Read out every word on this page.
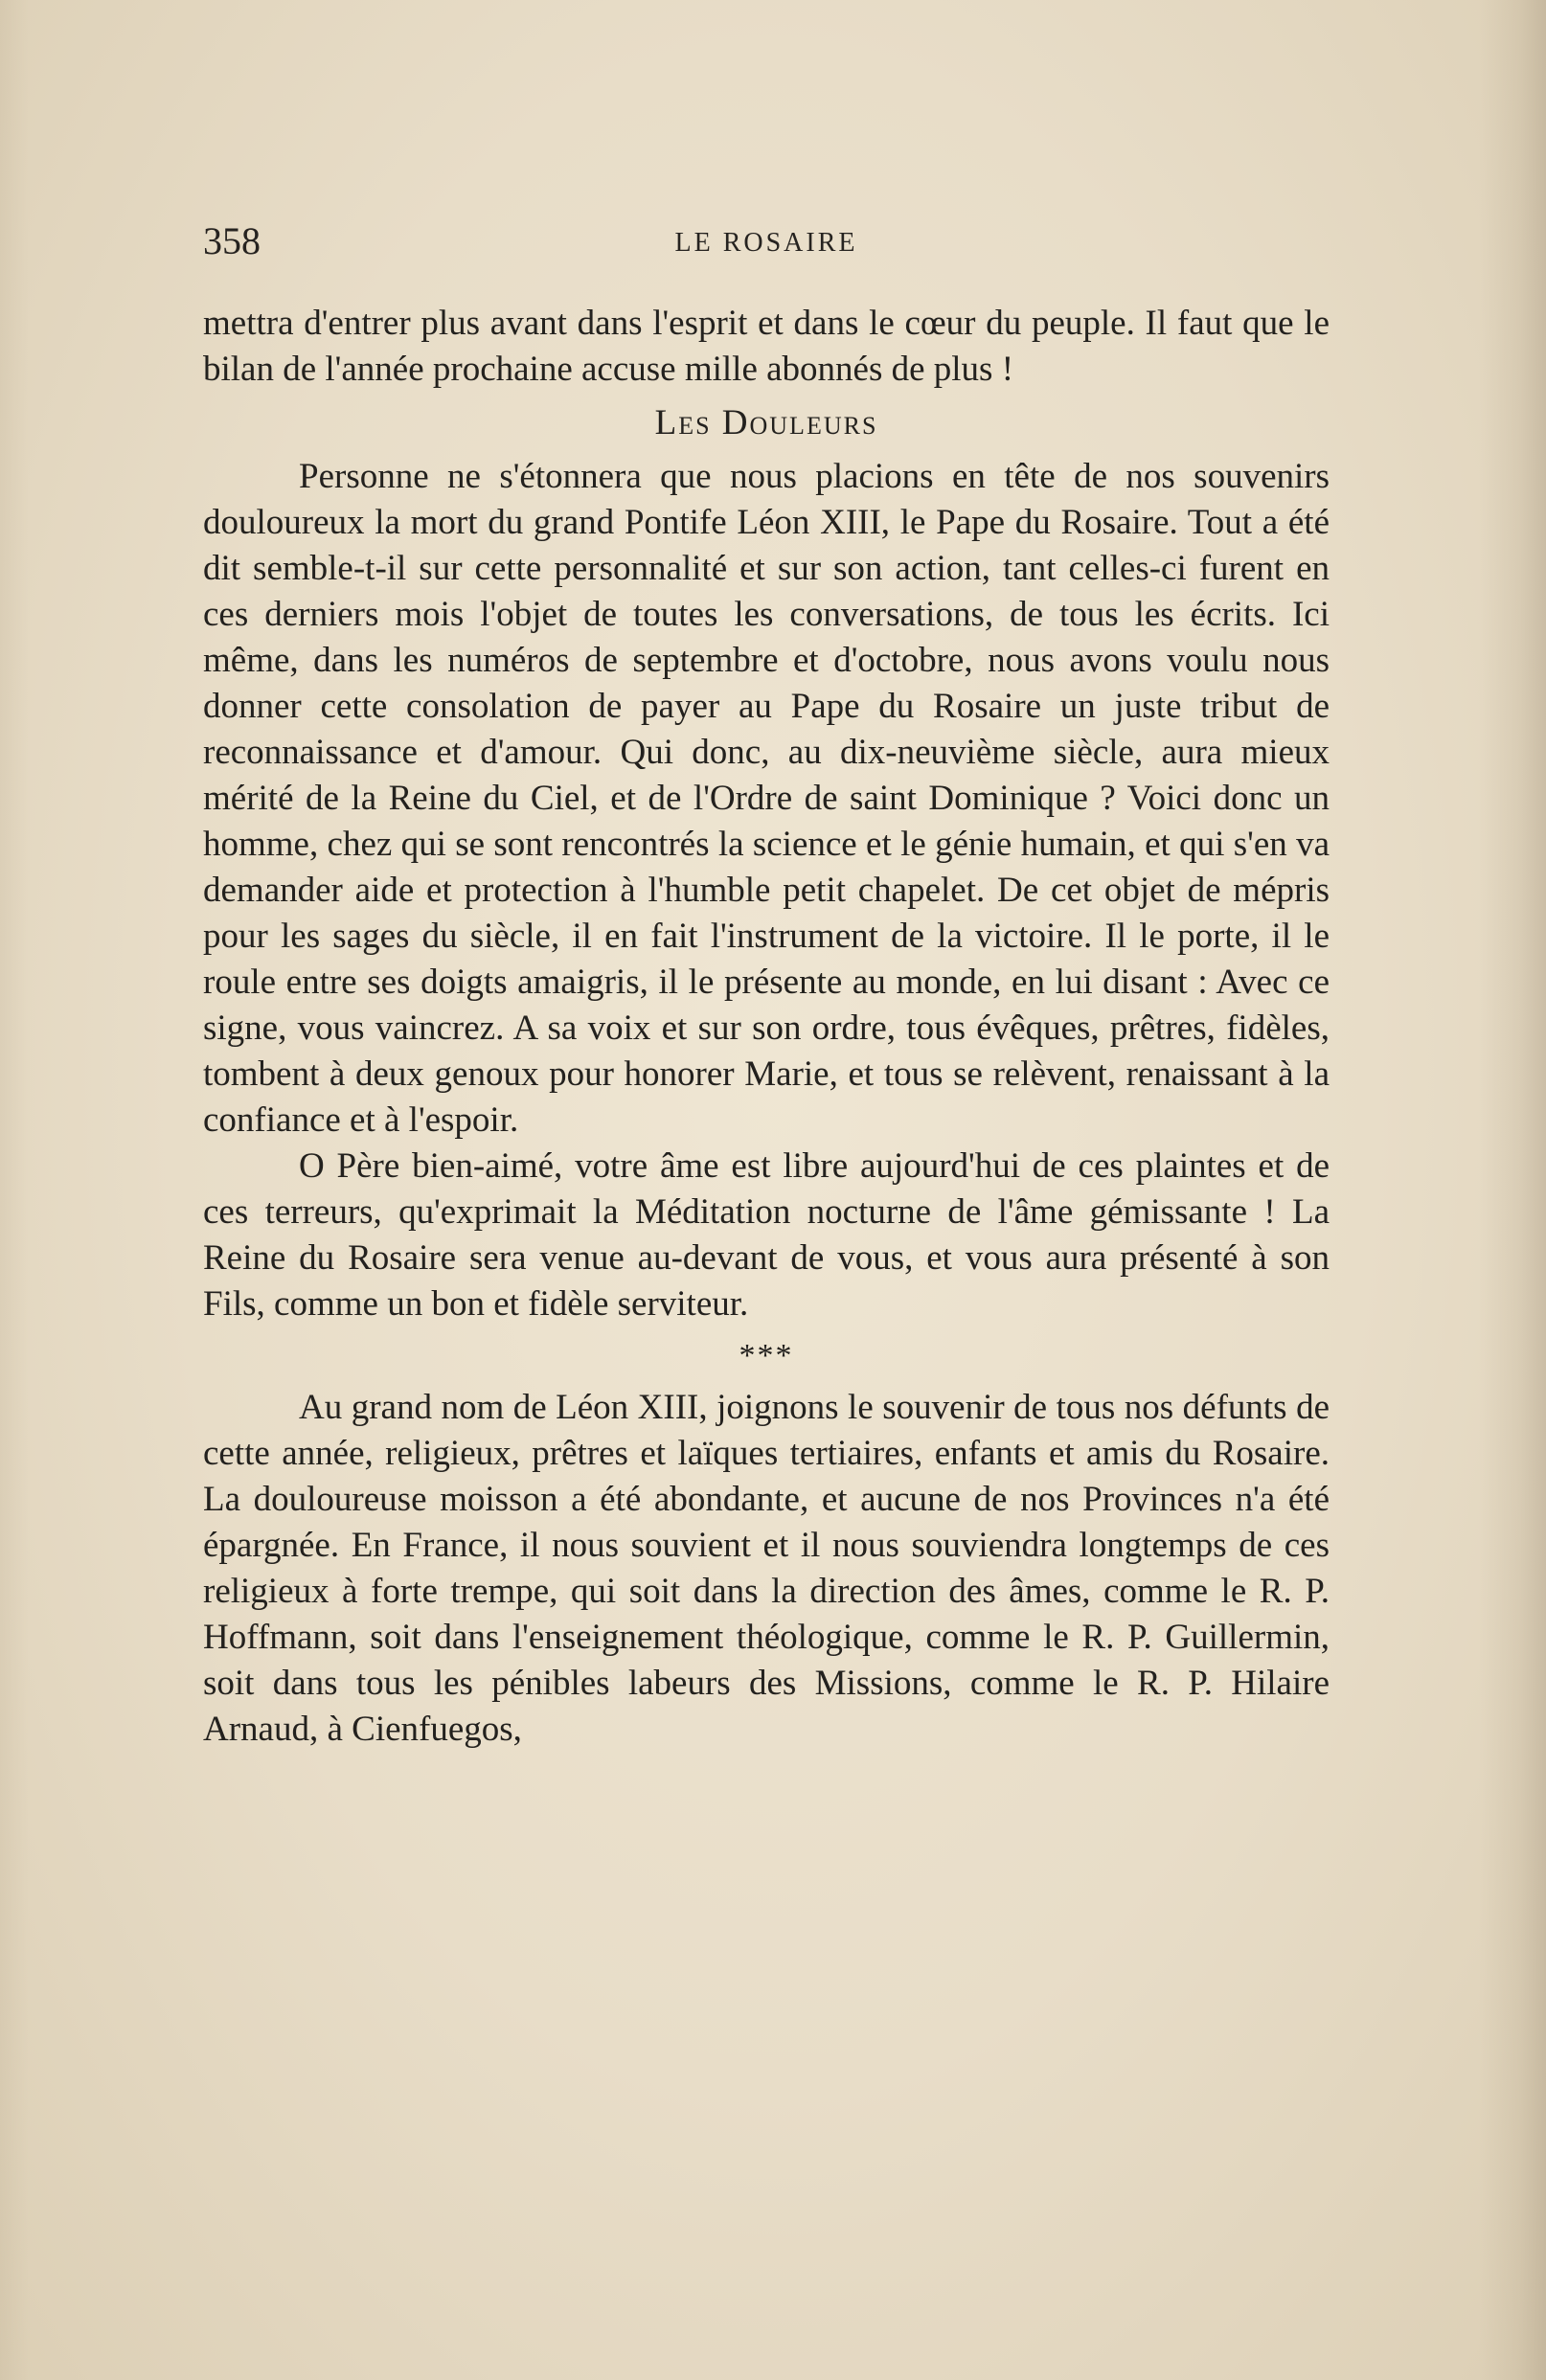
358	LE ROSAIRE

mettra d'entrer plus avant dans l'esprit et dans le cœur du peuple. Il faut que le bilan de l'année prochaine accuse mille abonnés de plus !

Les Douleurs

Personne ne s'étonnera que nous placions en tête de nos souvenirs douloureux la mort du grand Pontife Léon XIII, le Pape du Rosaire. Tout a été dit semble-t-il sur cette personnalité et sur son action, tant celles-ci furent en ces derniers mois l'objet de toutes les conversations, de tous les écrits. Ici même, dans les numéros de septembre et d'octobre, nous avons voulu nous donner cette consolation de payer au Pape du Rosaire un juste tribut de reconnaissance et d'amour. Qui donc, au dix-neuvième siècle, aura mieux mérité de la Reine du Ciel, et de l'Ordre de saint Dominique ? Voici donc un homme, chez qui se sont rencontrés la science et le génie humain, et qui s'en va demander aide et protection à l'humble petit chapelet. De cet objet de mépris pour les sages du siècle, il en fait l'instrument de la victoire. Il le porte, il le roule entre ses doigts amaigris, il le présente au monde, en lui disant : Avec ce signe, vous vaincrez. A sa voix et sur son ordre, tous évêques, prêtres, fidèles, tombent à deux genoux pour honorer Marie, et tous se relèvent, renaissant à la confiance et à l'espoir.

O Père bien-aimé, votre âme est libre aujourd'hui de ces plaintes et de ces terreurs, qu'exprimait la Méditation nocturne de l'âme gémissante ! La Reine du Rosaire sera venue au-devant de vous, et vous aura présenté à son Fils, comme un bon et fidèle serviteur.

***

Au grand nom de Léon XIII, joignons le souvenir de tous nos défunts de cette année, religieux, prêtres et laïques tertiaires, enfants et amis du Rosaire. La douloureuse moisson a été abondante, et aucune de nos Provinces n'a été épargnée. En France, il nous souvient et il nous souviendra longtemps de ces religieux à forte trempe, qui soit dans la direction des âmes, comme le R. P. Hoffmann, soit dans l'enseignement théologique, comme le R. P. Guillermin, soit dans tous les pénibles labeurs des Missions, comme le R. P. Hilaire Arnaud, à Cienfuegos,
